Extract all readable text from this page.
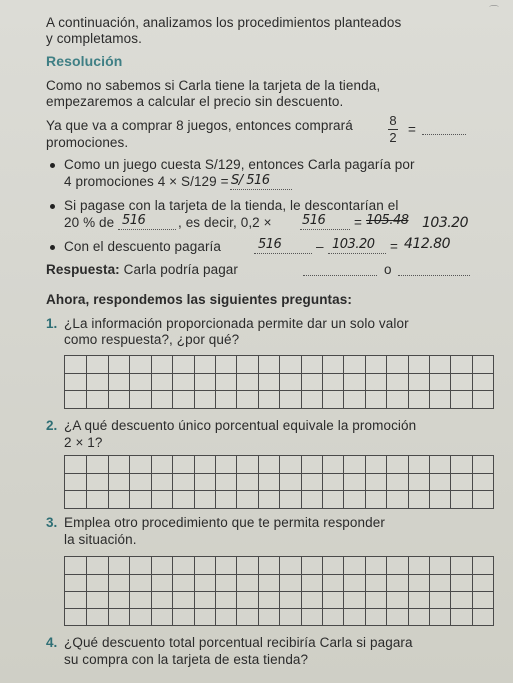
⌒
A continuación, analizamos los procedimientos planteados
y completamos.
Resolución
Como no sabemos si Carla tiene la tarjeta de la tienda,
empezaremos a calcular el precio sin descuento.
Ya que va a comprar 8 juegos, entonces comprará	8
2
=
promociones.
Como un juego cuesta S/129, entonces Carla pagaría por
4 promociones 4 × S/129 = S/ 516
Si pagase con la tarjeta de la tienda, le descontarían el
20 % de 516 , es decir, 0,2 × 516 = 105.48 103.20
Con el descuento pagaría	516	– 103.20 = 412.80
Respuesta: Carla podría pagar	o
Ahora, respondemos las siguientes preguntas:
1. ¿La información proporcionada permite dar un solo valor
como respuesta?, ¿por qué?
2. ¿A qué descuento único porcentual equivale la promoción
2 × 1?
3. Emplea otro procedimiento que te permita responder
la situación.
4. ¿Qué descuento total porcentual recibiría Carla si pagara
su compra con la tarjeta de esta tienda?
